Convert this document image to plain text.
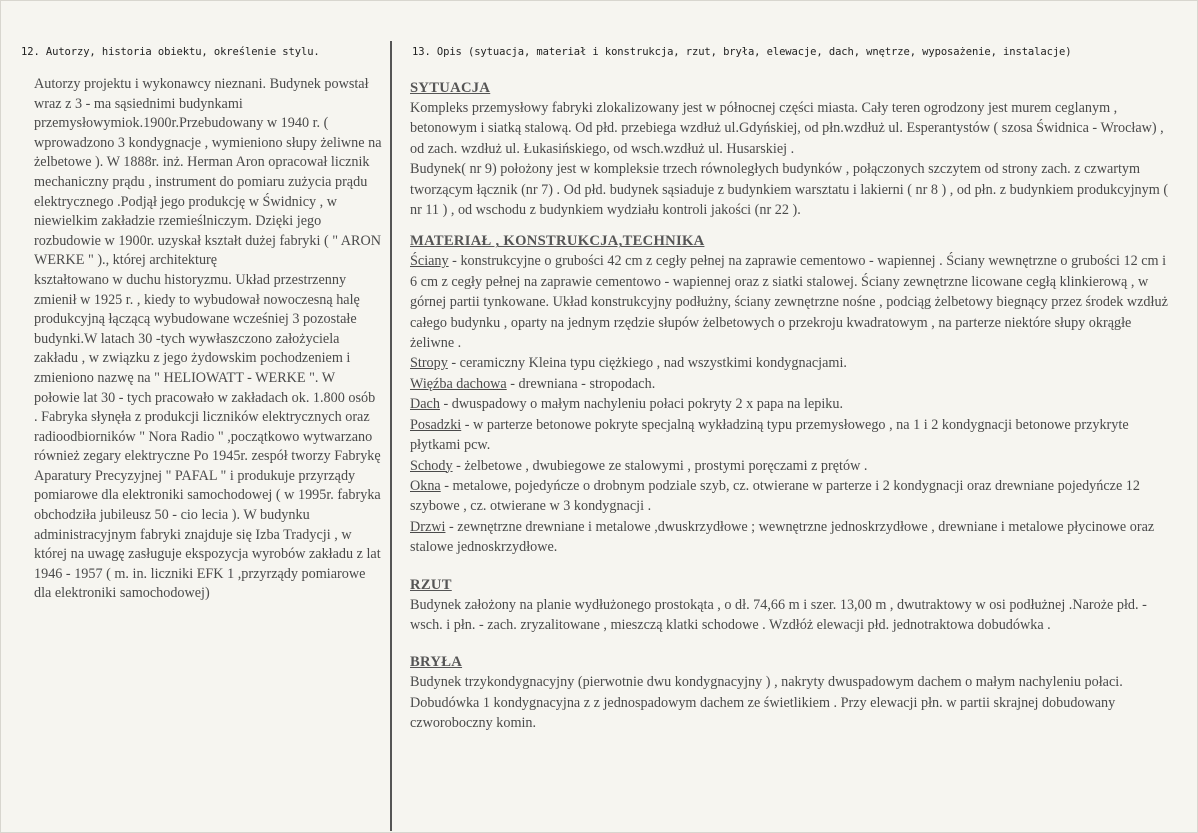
12. Autorzy, historia obiektu, określenie stylu.	13. Opis (sytuacja, materiał i konstrukcja, rzut, bryła, elewacje, dach, wnętrze, wyposażenie, instalacje)

Autorzy projektu i wykonawcy nieznani. Budynek powstał wraz z 3 - ma sąsiednimi budynkami przemysłowymiok.1900r.Przebudowany w 1940 r. ( wprowadzono 3 kondygnacje , wymieniono słupy żeliwne na żelbetowe ). W 1888r. inż. Herman Aron opracował licznik mechaniczny prądu , instrument do pomiaru zużycia prądu elektrycznego .Podjął jego produkcję w Świdnicy , w niewielkim zakładzie rzemieślniczym. Dzięki jego rozbudowie w 1900r. uzyskał kształt dużej fabryki ( " ARON WERKE " )., której architekturę

kształtowano w duchu historyzmu. Układ przestrzenny zmienił w 1925 r. , kiedy to wybudował nowoczesną halę produkcyjną łączącą wybudowane wcześniej 3 pozostałe budynki.W latach 30 -tych wywłaszczono założyciela zakładu , w związku z jego żydowskim pochodzeniem i zmieniono nazwę na " HELIOWATT - WERKE ". W połowie lat 30 - tych pracowało w zakładach ok. 1.800 osób . Fabryka słynęła z produkcji liczników elektrycznych oraz radioodbiorników " Nora Radio " ,początkowo wytwarzano również zegary elektryczne Po 1945r. zespół tworzy Fabrykę Aparatury Precyzyjnej " PAFAL " i produkuje przyrządy pomiarowe dla elektroniki samochodowej ( w 1995r. fabryka obchodziła jubileusz 50 - cio lecia ). W budynku administracyjnym fabryki znajduje się Izba Tradycji , w której na uwagę zasługuje ekspozycja wyrobów zakładu z lat 1946 - 1957 ( m. in. liczniki EFK 1 ,przyrządy pomiarowe dla elektroniki samochodowej)

SYTUACJA

Kompleks przemysłowy fabryki zlokalizowany jest w północnej części miasta. Cały teren ogrodzony jest murem ceglanym , betonowym i siatką stalową. Od płd. przebiega wzdłuż ul.Gdyńskiej, od płn.wzdłuż ul. Esperantystów ( szosa Świdnica - Wrocław) , od zach. wzdłuż ul. Łukasińskiego, od wsch.wzdłuż ul. Husarskiej .

Budynek( nr 9) położony jest w kompleksie trzech równoległych budynków , połączonych szczytem od strony zach. z czwartym tworzącym łącznik (nr 7) . Od płd. budynek sąsiaduje z budynkiem warsztatu i lakierni ( nr 8 ) , od płn. z budynkiem produkcyjnym ( nr 11 ) , od wschodu z budynkiem wydziału kontroli jakości (nr 22 ).

MATERIAŁ , KONSTRUKCJA,TECHNIKA

Ściany - konstrukcyjne o grubości 42 cm z cegły pełnej na zaprawie cementowo - wapiennej . Ściany wewnętrzne o grubości 12 cm i 6 cm z cegły pełnej na zaprawie cementowo - wapiennej oraz z siatki stalowej. Ściany zewnętrzne licowane cegłą klinkierową , w górnej partii tynkowane. Układ konstrukcyjny podłużny, ściany zewnętrzne nośne , podciąg żelbetowy biegnący przez środek wzdłuż całego budynku , oparty na jednym rzędzie słupów żelbetowych o przekroju kwadratowym , na parterze niektóre słupy okrągłe żeliwne .

Stropy - ceramiczny Kleina typu ciężkiego , nad wszystkimi kondygnacjami.

Więźba dachowa - drewniana - stropodach.

Dach - dwuspadowy o małym nachyleniu połaci pokryty 2 x papa na lepiku.

Posadzki - w parterze betonowe pokryte specjalną wykładziną typu przemysłowego , na 1 i 2 kondygnacji betonowe przykryte płytkami pcw.

Schody - żelbetowe , dwubiegowe ze stalowymi , prostymi poręczami z prętów .

Okna - metalowe, pojedyńcze o drobnym podziale szyb, cz. otwierane w parterze i 2 kondygnacji oraz drewniane pojedyńcze 12 szybowe , cz. otwierane w 3 kondygnacji .

Drzwi - zewnętrzne drewniane i metalowe ,dwuskrzydłowe ; wewnętrzne jednoskrzydłowe , drewniane i metalowe płycinowe oraz stalowe jednoskrzydłowe.

RZUT

Budynek założony na planie wydłużonego prostokąta , o dł. 74,66 m i szer. 13,00 m , dwutraktowy w osi podłużnej .Naroże płd. -wsch. i płn. - zach. zryzalitowane , mieszczą klatki schodowe . Wzdłóż elewacji płd. jednotraktowa dobudówka .

BRYŁA

Budynek trzykondygnacyjny (pierwotnie dwu kondygnacyjny ) , nakryty dwuspadowym dachem o małym nachyleniu połaci. Dobudówka 1 kondygnacyjna z z jednospadowym dachem ze świetlikiem . Przy elewacji płn. w partii skrajnej dobudowany czworoboczny komin.
